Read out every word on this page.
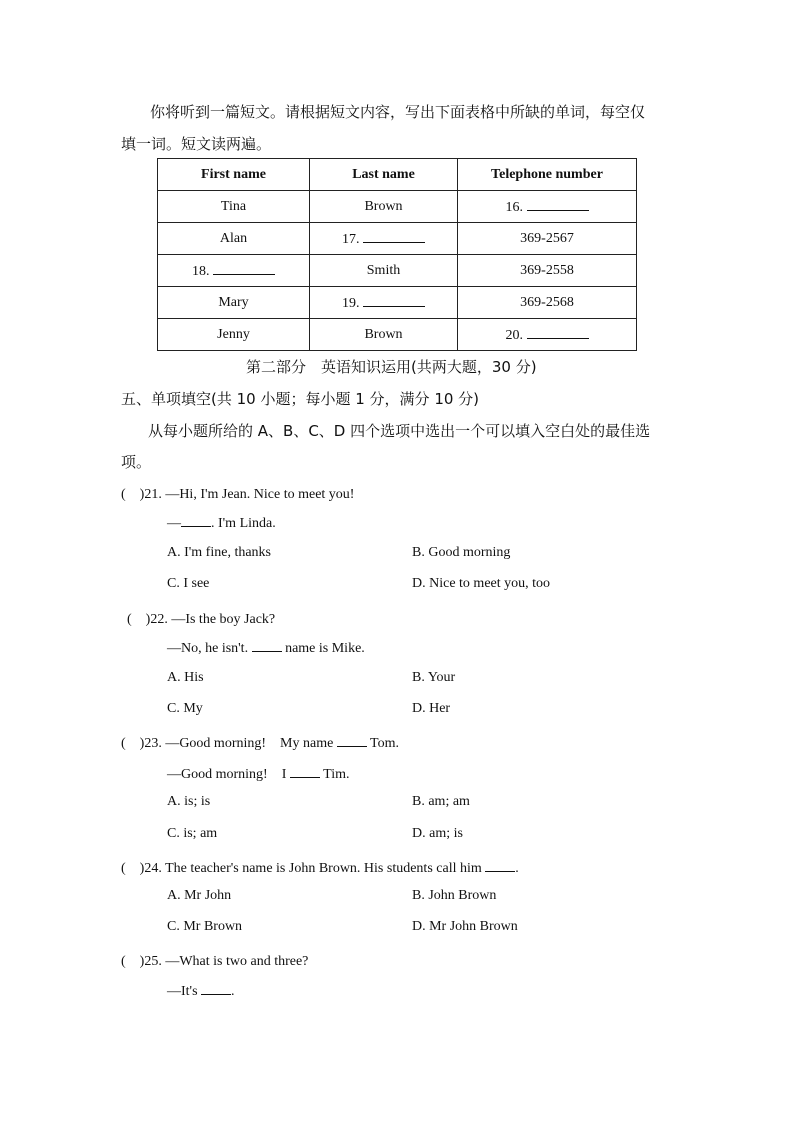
你将听到一篇短文。请根据短文内容，写出下面表格中所缺的单词，每空仅
填一词。短文读两遍。
First name	Last name	Telephone number
Tina	Brown	16.
Alan	17.	369-2567
18.	Smith	369-2558
Mary	19.	369-2568
Jenny	Brown	20.
第二部分　英语知识运用(共两大题，30 分)
五、单项填空(共 10 小题；每小题 1 分，满分 10 分)
从每小题所给的 A、B、C、D 四个选项中选出一个可以填入空白处的最佳选
项。
(　)21. —Hi, I'm Jean. Nice to meet you!
— . I'm Linda.
A. I'm fine, thanks	B. Good morning
C. I see	D. Nice to meet you, too
(　)22. —Is the boy Jack?
—No, he isn't.  name is Mike.
A. His	B. Your
C. My	D. Her
(　)23. —Good morning!　My name  Tom.
—Good morning!　I  Tim.
A. is; is	B. am; am
C. is; am	D. am; is
(　)24. The teacher's name is John Brown. His students call him .
A. Mr John	B. John Brown
C. Mr Brown	D. Mr John Brown
(　)25. —What is two and three?
—It's .
